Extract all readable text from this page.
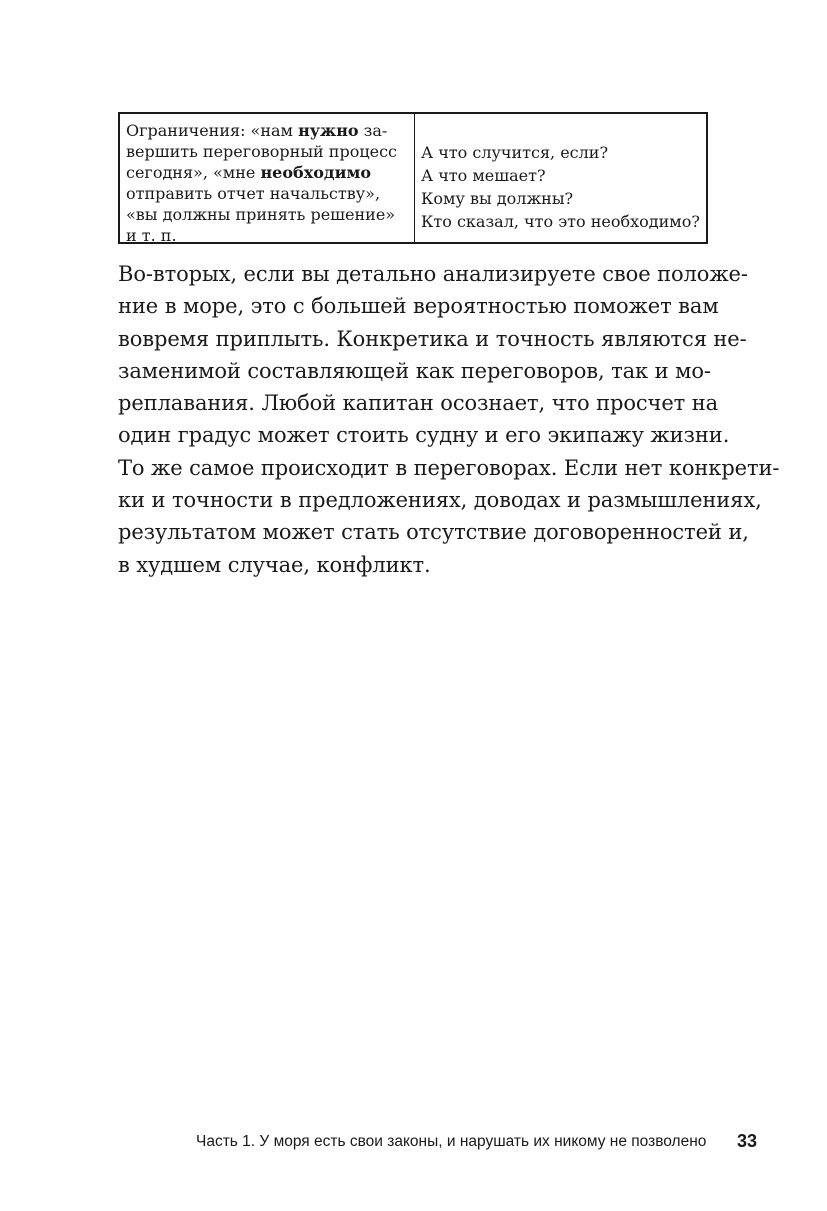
Ограничения: «нам нужно за-
вершить переговорный процесс
сегодня», «мне необходимо
отправить отчет начальству»,
«вы должны принять решение»
и т. п.
А что случится, если?
А что мешает?
Кому вы должны?
Кто сказал, что это необходимо?
Во-вторых, если вы детально анализируете свое положе-
ние в море, это с большей вероятностью поможет вам
вовремя приплыть. Конкретика и точность являются не-
заменимой составляющей как переговоров, так и мо-
реплавания. Любой капитан осознает, что просчет на
один градус может стоить судну и его экипажу жизни.
То же самое происходит в переговорах. Если нет конкрети-
ки и точности в предложениях, доводах и размышлениях,
результатом может стать отсутствие договоренностей и,
в худшем случае, конфликт.
Часть 1. У моря есть свои законы, и нарушать их никому не позволено 33
